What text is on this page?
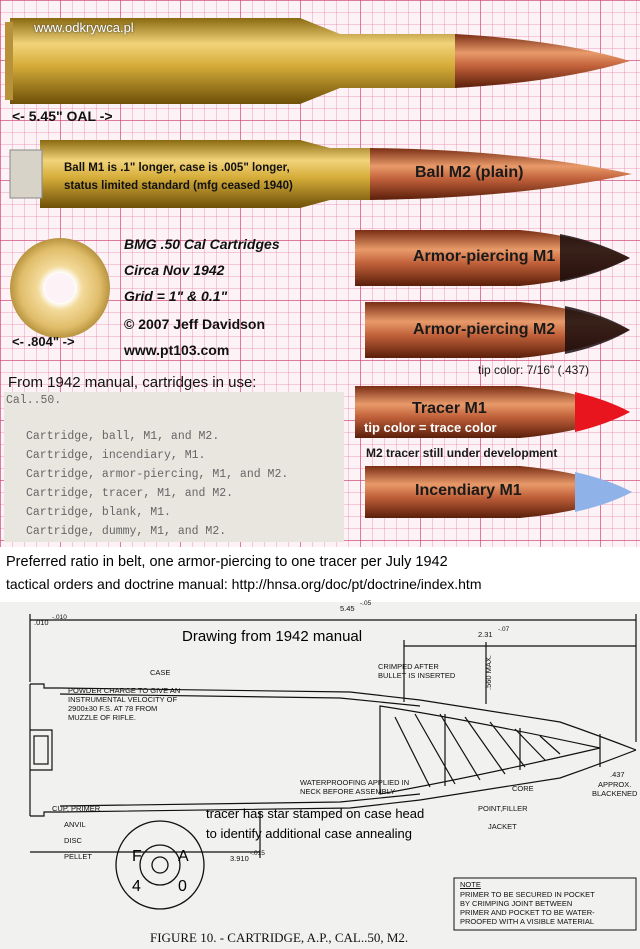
www.odkrywca.pl
<- 5.45" OAL ->
Ball M1 is .1" longer, case is .005" longer,
status limited standard (mfg ceased 1940)
Ball M2 (plain)
Armor-piercing M1
Armor-piercing M2
Tracer M1
Incendiary M1
BMG .50 Cal Cartridges
Circa Nov 1942
Grid = 1" & 0.1"
© 2007 Jeff Davidson
www.pt103.com
<- .804" ->
tip color: 7/16" (.437)
tip color = trace color
M2 tracer still under development
From 1942 manual, cartridges in use:
Cal..50.
Cartridge, ball, M1, and M2.
Cartridge, incendiary, M1.
Cartridge, armor-piercing, M1, and M2.
Cartridge, tracer, M1, and M2.
Cartridge, blank, M1.
Cartridge, dummy, M1, and M2.
Preferred ratio in belt, one armor-piercing to one tracer per July 1942
tactical orders and doctrine manual: http://hnsa.org/doc/pt/doctrine/index.htm
5.45
-.05
2.31
-.07
.010
-.010
Drawing from 1942 manual
CASE
POWDER CHARGE TO GIVE AN
INSTRUMENTAL VELOCITY OF
2900±30 F.S. AT 78 FROM
MUZZLE OF RIFLE.
CRIMPED AFTER
BULLET IS INSERTED	.560 MAX.
.437
APPROX.
BLACKENED
WATERPROOFING APPLIED IN
NECK BEFORE ASSEMBLY	CORE
POINT,FILLER
JACKET
CUP, PRIMER
ANVIL
DISC
PELLET
tracer has star stamped on case head
to identify additional case annealing
3.910
-.015
F A
4 0	NOTE
PRIMER TO BE SECURED IN POCKET
BY CRIMPING JOINT BETWEEN
PRIMER AND POCKET TO BE WATER-
PROOFED WITH A VISIBLE MATERIAL
FIGURE 10. - CARTRIDGE, A.P., CAL..50, M2.
